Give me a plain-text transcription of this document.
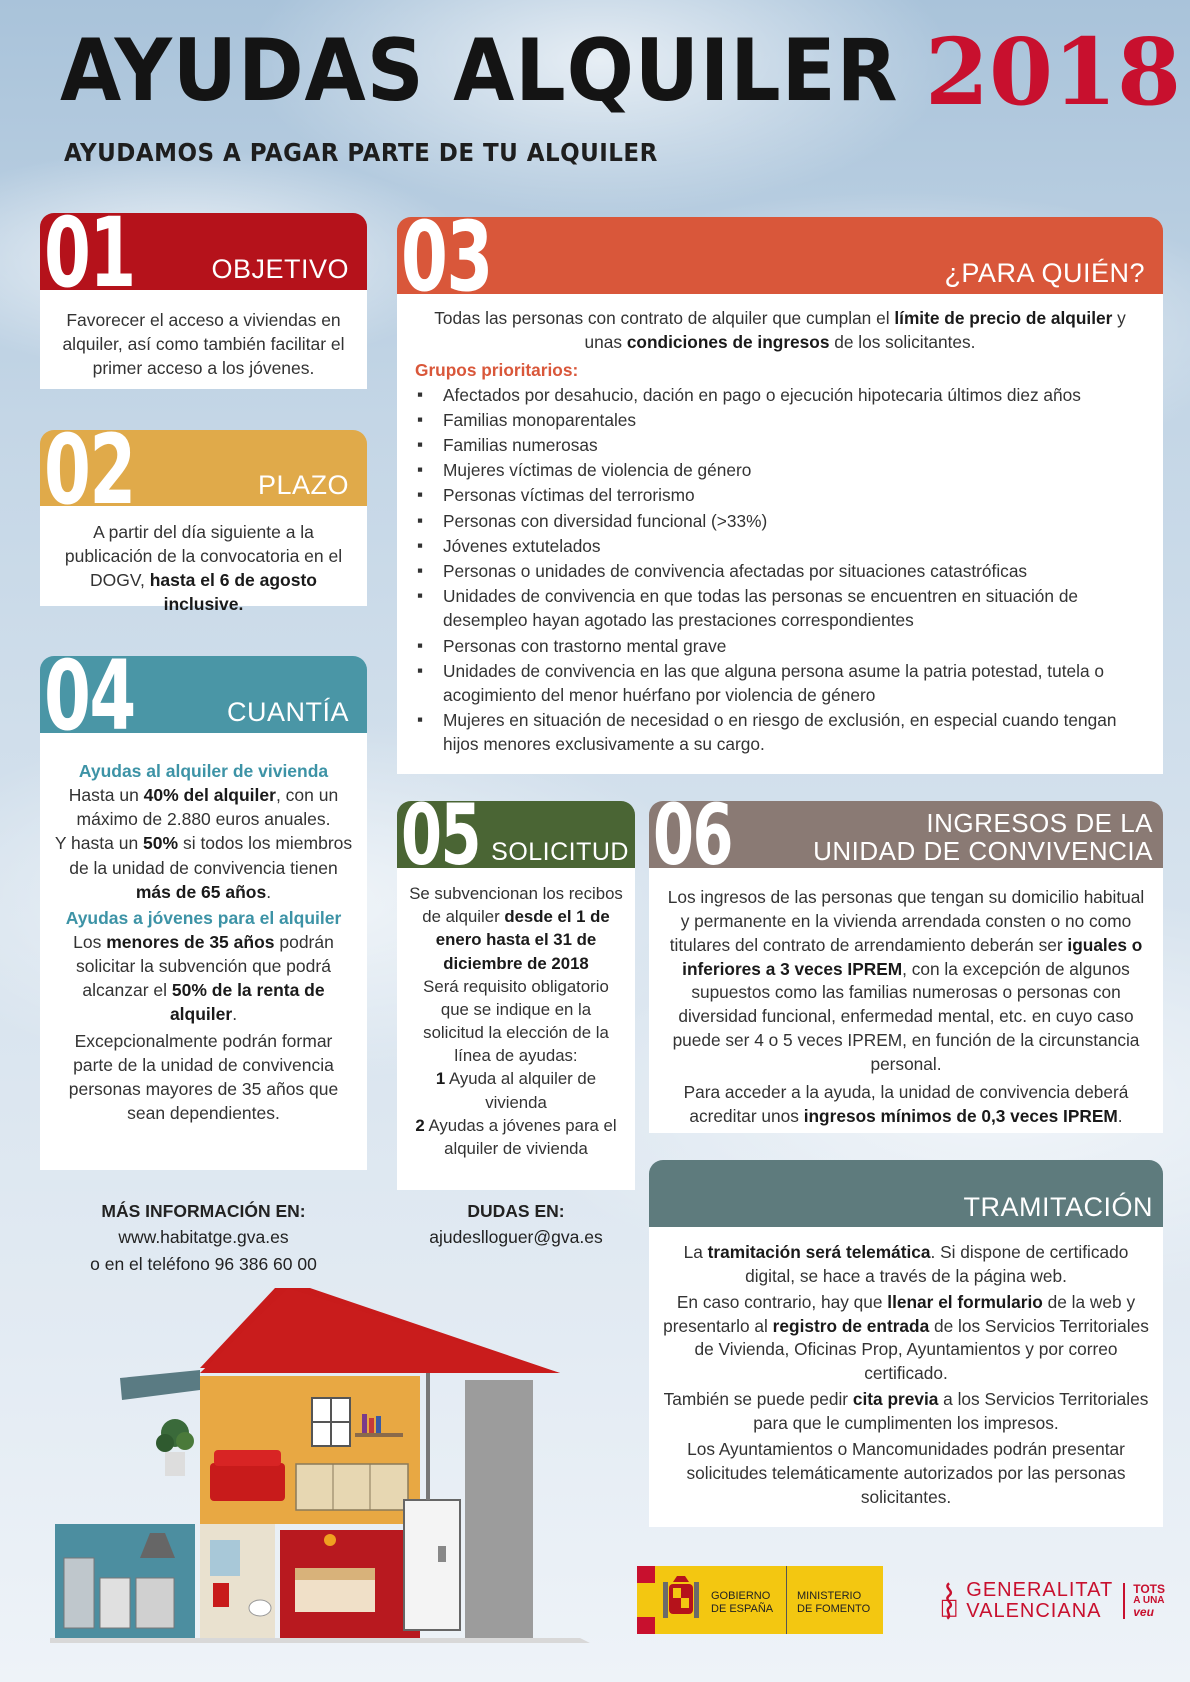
AYUDAS ALQUILER 2018
AYUDAMOS A PAGAR PARTE DE TU ALQUILER
01	OBJETIVO
Favorecer el acceso a viviendas en alquiler, así como también facilitar el primer acceso a los jóvenes.
02	PLAZO
A partir del día siguiente a la publicación de la convocatoria en el DOGV, hasta el 6 de agosto inclusive.
03	¿PARA QUIÉN?
Todas las personas con contrato de alquiler que cumplan el límite de precio de alquiler y unas condiciones de ingresos de los solicitantes.
Grupos prioritarios:
▪ Afectados por desahucio, dación en pago o ejecución hipotecaria últimos diez años
▪ Familias monoparentales
▪ Familias numerosas
▪ Mujeres víctimas de violencia de género
▪ Personas víctimas del terrorismo
▪ Personas con diversidad funcional (>33%)
▪ Jóvenes extutelados
▪ Personas o unidades de convivencia afectadas por situaciones catastróficas
▪ Unidades de convivencia en que todas las personas se encuentren en situación de desempleo hayan agotado las prestaciones correspondientes
▪ Personas con trastorno mental grave
▪ Unidades de convivencia en las que alguna persona asume la patria potestad, tutela o acogimiento del menor huérfano por violencia de género
▪ Mujeres en situación de necesidad o en riesgo de exclusión, en especial cuando tengan hijos menores exclusivamente a su cargo.
04	CUANTÍA
Ayudas al alquiler de vivienda
Hasta un 40% del alquiler, con un máximo de 2.880 euros anuales.
Y hasta un 50% si todos los miembros de la unidad de convivencia tienen más de 65 años.
Ayudas a jóvenes para el alquiler
Los menores de 35 años podrán solicitar la subvención que podrá alcanzar el 50% de la renta de alquiler.
Excepcionalmente podrán formar parte de la unidad de convivencia personas mayores de 35 años que sean dependientes.
05 SOLICITUD
Se subvencionan los recibos de alquiler desde el 1 de enero hasta el 31 de diciembre de 2018
Será requisito obligatorio que se indique en la solicitud la elección de la línea de ayudas:
1 Ayuda al alquiler de vivienda
2 Ayudas a jóvenes para el alquiler de vivienda
06	INGRESOS DE LA
UNIDAD DE CONVIVENCIA
Los ingresos de las personas que tengan su domicilio habitual y permanente en la vivienda arrendada consten o no como titulares del contrato de arrendamiento deberán ser iguales o inferiores a 3 veces IPREM, con la excepción de algunos supuestos como las familias numerosas o personas con diversidad funcional, enfermedad mental, etc. en cuyo caso puede ser 4 o 5 veces IPREM, en función de la circunstancia personal.
Para acceder a la ayuda, la unidad de convivencia deberá acreditar unos ingresos mínimos de 0,3 veces IPREM.
TRAMITACIÓN
La tramitación será telemática. Si dispone de certificado digital, se hace a través de la página web.
En caso contrario, hay que llenar el formulario de la web y presentarlo al registro de entrada de los Servicios Territoriales de Vivienda, Oficinas Prop, Ayuntamientos y por correo certificado.
También se puede pedir cita previa a los Servicios Territoriales para que le cumplimenten los impresos.
Los Ayuntamientos o Mancomunidades podrán presentar solicitudes telemáticamente autorizados por las personas solicitantes.
MÁS INFORMACIÓN EN:
www.habitatge.gva.es
o en el teléfono 96 386 60 00
DUDAS EN:
ajudeslloguer@gva.es
GOBIERNO
DE ESPAÑA
MINISTERIO
DE FOMENTO
GENERALITAT
VALENCIANA
TOTS
A UNA
veu
